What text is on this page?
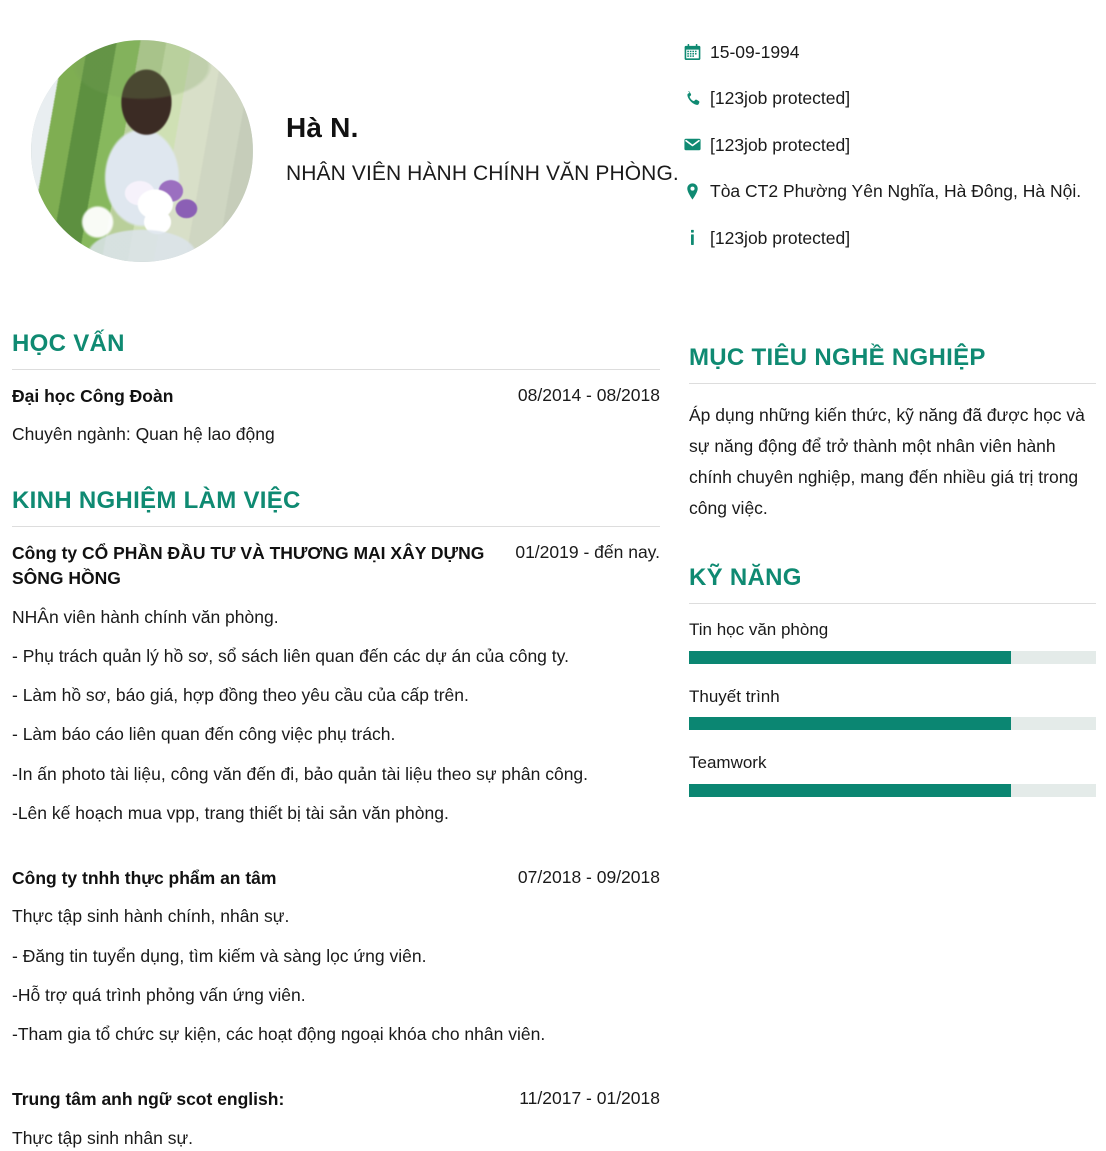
Hà N.
NHÂN VIÊN HÀNH CHÍNH VĂN PHÒNG.
15-09-1994
[123job protected]
[123job protected]
Tòa CT2 Phường Yên Nghĩa, Hà Đông, Hà Nội.
[123job protected]
HỌC VẤN
Đại học Công Đoàn	08/2014 - 08/2018
Chuyên ngành: Quan hệ lao động
KINH NGHIỆM LÀM VIỆC
Công ty CỔ PHẦN ĐẦU TƯ VÀ THƯƠNG MẠI XÂY DỰNG SÔNG HỒNG
01/2019 - đến nay.
NHÂn viên hành chính văn phòng.
- Phụ trách quản lý hồ sơ, sổ sách liên quan đến các dự án của công ty.
- Làm hồ sơ, báo giá, hợp đồng theo yêu cầu của cấp trên.
- Làm báo cáo liên quan đến công việc phụ trách.
-In ấn photo tài liệu, công văn đến đi, bảo quản tài liệu theo sự phân công.
-Lên kế hoạch mua vpp, trang thiết bị tài sản văn phòng.
Công ty tnhh thực phẩm an tâm	07/2018 - 09/2018
Thực tập sinh hành chính, nhân sự.
- Đăng tin tuyển dụng, tìm kiếm và sàng lọc ứng viên.
-Hỗ trợ quá trình phỏng vấn ứng viên.
-Tham gia tổ chức sự kiện, các hoạt động ngoại khóa cho nhân viên.
Trung tâm anh ngữ scot english:	11/2017 - 01/2018
Thực tập sinh nhân sự.
MỤC TIÊU NGHỀ NGHIỆP
Áp dụng những kiến thức, kỹ năng đã được học và sự năng động để trở thành một nhân viên hành chính chuyên nghiệp, mang đến nhiều giá trị trong công việc.
KỸ NĂNG
Tin học văn phòng
Thuyết trình
Teamwork
